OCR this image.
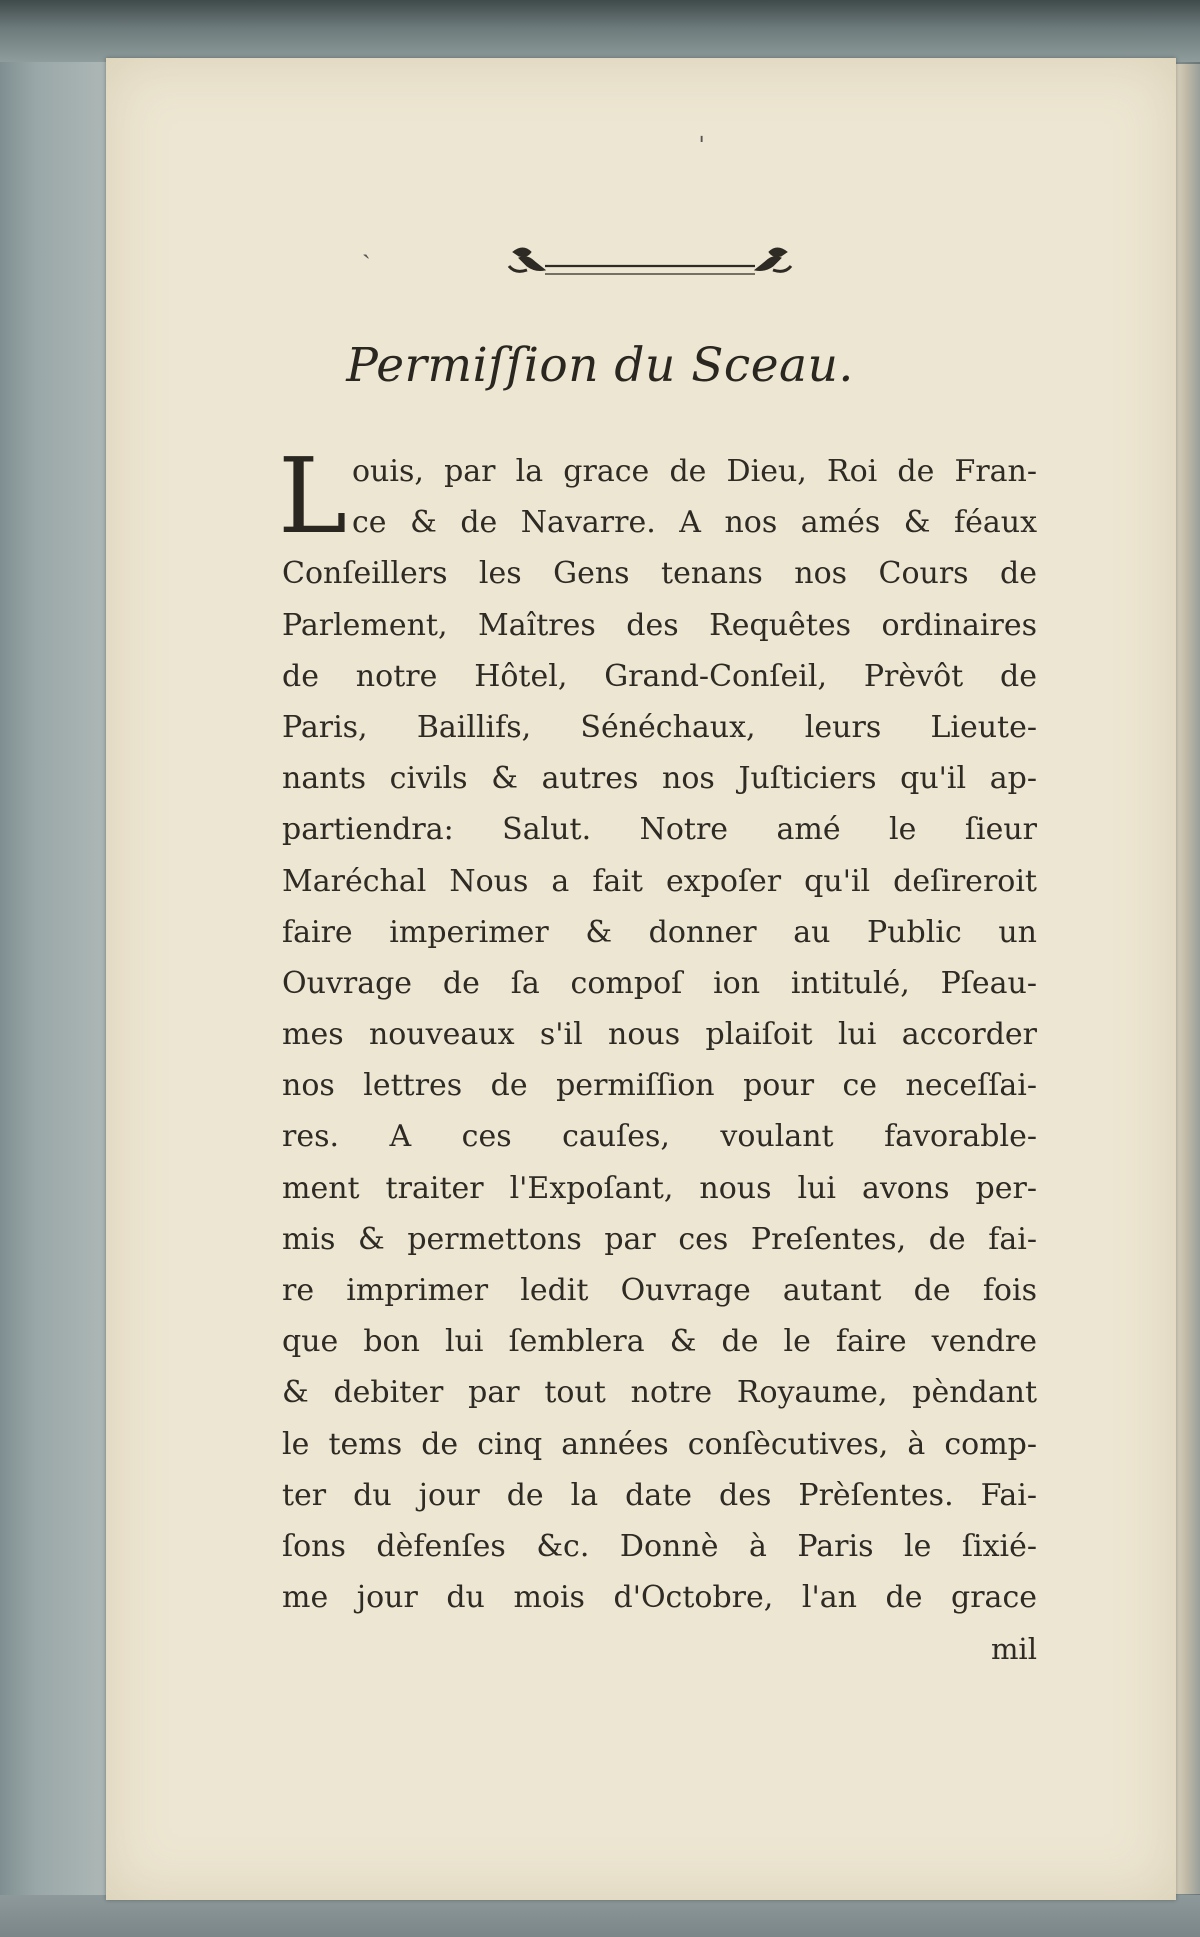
ˌ
ˎ
Permiſſion du Sceau.
L ouis, par la grace de Dieu, Roi de Fran-
ce & de Navarre. A nos amés & féaux
Conſeillers les Gens tenans nos Cours de
Parlement, Maîtres des Requêtes ordinaires
de notre Hôtel, Grand-Conſeil, Prèvôt de
Paris, Baillifs, Sénéchaux, leurs Lieute-
nants civils & autres nos Juſticiers qu'il ap-
partiendra: Salut. Notre amé le ſieur
Maréchal Nous a fait expoſer qu'il deſireroit
faire imperimer & donner au Public un
Ouvrage de ſa compoſ ion intitulé, Pſeau-
mes nouveaux s'il nous plaiſoit lui accorder
nos lettres de permiſſion pour ce neceſſai-
res. A ces cauſes, voulant favorable-
ment traiter l'Expoſant, nous lui avons per-
mis & permettons par ces Preſentes, de fai-
re imprimer ledit Ouvrage autant de fois
que bon lui ſemblera & de le faire vendre
& debiter par tout notre Royaume, pèndant
le tems de cinq années conſècutives, à comp-
ter du jour de la date des Prèſentes. Fai-
ſons dèfenſes &c. Donnè à Paris le ſixié-
me jour du mois d'Octobre, l'an de grace
mil
